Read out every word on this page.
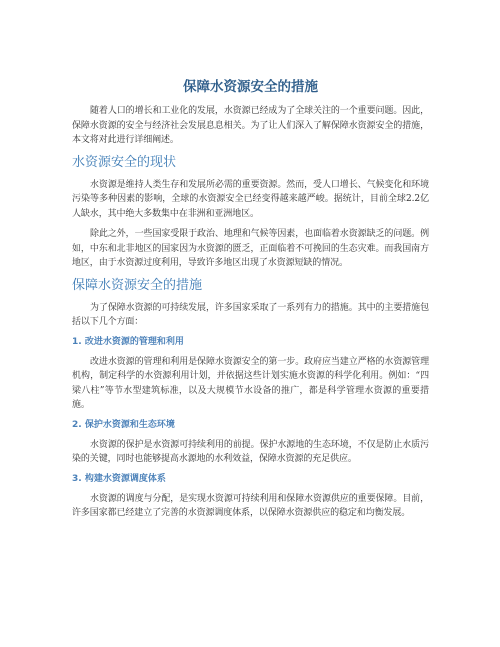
保障水资源安全的措施

随着人口的增长和工业化的发展，水资源已经成为了全球关注的一个重要问题。因此，保障水资源的安全与经济社会发展息息相关。为了让人们深入了解保障水资源安全的措施，本文将对此进行详细阐述。

水资源安全的现状

水资源是维持人类生存和发展所必需的重要资源。然而，受人口增长、气候变化和环境污染等多种因素的影响，全球的水资源安全已经变得越来越严峻。据统计，目前全球2.2亿人缺水，其中绝大多数集中在非洲和亚洲地区。

除此之外，一些国家受限于政治、地理和气候等因素，也面临着水资源缺乏的问题。例如，中东和北非地区的国家因为水资源的匮乏，正面临着不可挽回的生态灾难。而我国南方地区，由于水资源过度利用，导致许多地区出现了水资源短缺的情况。

保障水资源安全的措施

为了保障水资源的可持续发展，许多国家采取了一系列有力的措施。其中的主要措施包括以下几个方面：

1. 改进水资源的管理和利用

改进水资源的管理和利用是保障水资源安全的第一步。政府应当建立严格的水资源管理机构，制定科学的水资源利用计划，并依据这些计划实施水资源的科学化利用。例如：“四梁八柱”等节水型建筑标准，以及大规模节水设备的推广，都是科学管理水资源的重要措施。

2. 保护水资源和生态环境

水资源的保护是水资源可持续利用的前提。保护水源地的生态环境，不仅是防止水质污染的关键，同时也能够提高水源地的水利效益，保障水资源的充足供应。

3. 构建水资源调度体系

水资源的调度与分配，是实现水资源可持续利用和保障水资源供应的重要保障。目前，许多国家都已经建立了完善的水资源调度体系，以保障水资源供应的稳定和均衡发展。
